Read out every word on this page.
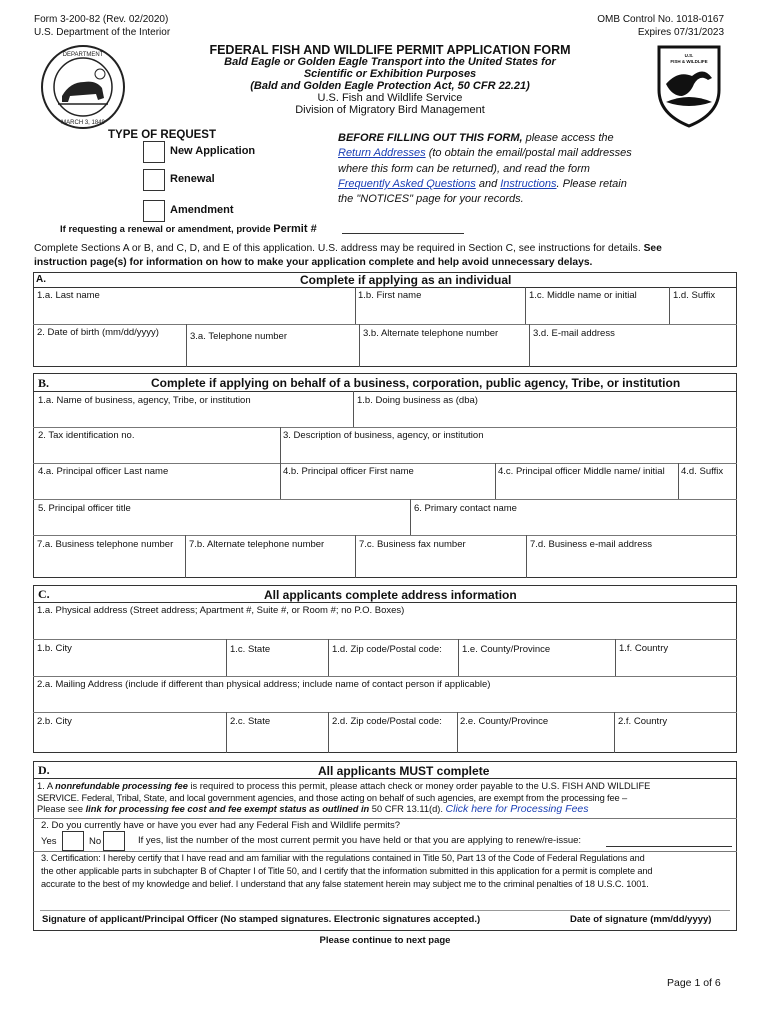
Form 3-200-82 (Rev. 02/2020)
U.S. Department of the Interior
OMB Control No. 1018-0167
Expires 07/31/2023
DEPARTMENT
MARCH 3, 1849
U.S.
FISH & WILDLIFE
FEDERAL FISH AND WILDLIFE PERMIT APPLICATION FORM
Bald Eagle or Golden Eagle Transport into the United States for
Scientific or Exhibition Purposes
(Bald and Golden Eagle Protection Act, 50 CFR 22.21)
U.S. Fish and Wildlife Service
Division of Migratory Bird Management
TYPE OF REQUEST
New Application
Renewal
Amendment
If requesting a renewal or amendment, provide Permit #
BEFORE FILLING OUT THIS FORM, please access the
Return Addresses (to obtain the email/postal mail addresses
where this form can be returned), and read the form
Frequently Asked Questions and Instructions. Please retain
the "NOTICES" page for your records.
Complete Sections A or B, and C, D, and E of this application. U.S. address may be required in Section C, see instructions for details. See
instruction page(s) for information on how to make your application complete and help avoid unnecessary delays.
A.	Complete if applying as an individual
1.a. Last name	1.b. First name	1.c. Middle name or initial	1.d. Suffix
2. Date of birth (mm/dd/yyyy)	3.a. Telephone number	3.b. Alternate telephone number	3.d. E-mail address
B.	Complete if applying on behalf of a business, corporation, public agency, Tribe, or institution
1.a. Name of business, agency, Tribe, or institution	1.b. Doing business as (dba)
2. Tax identification no.	3. Description of business, agency, or institution
4.a. Principal officer Last name	4.b. Principal officer First name	4.c. Principal officer Middle name/ initial 4.d. Suffix
5. Principal officer title	6. Primary contact name
7.a. Business telephone number 7.b. Alternate telephone number	7.c. Business fax number	7.d. Business e-mail address
C.	All applicants complete address information
1.a. Physical address (Street address; Apartment #, Suite #, or Room #; no P.O. Boxes)
1.b. City	1.c. State	1.d. Zip code/Postal code: 1.e. County/Province	1.f. Country
2.a. Mailing Address (include if different than physical address; include name of contact person if applicable)
2.b. City	2.c. State	2.d. Zip code/Postal code: 2.e. County/Province	2.f. Country
D.	All applicants MUST complete
1. A nonrefundable processing fee is required to process this permit, please attach check or money order payable to the U.S. FISH AND WILDLIFE
SERVICE. Federal, Tribal, State, and local government agencies, and those acting on behalf of such agencies, are exempt from the processing fee –
Please see link for processing fee cost and fee exempt status as outlined in 50 CFR 13.11(d). Click here for Processing Fees
2. Do you currently have or have you ever had any Federal Fish and Wildlife permits?
Yes	No	If yes, list the number of the most current permit you have held or that you are applying to renew/re-issue:
3. Certification: I hereby certify that I have read and am familiar with the regulations contained in Title 50, Part 13 of the Code of Federal Regulations and
the other applicable parts in subchapter B of Chapter I of Title 50, and I certify that the information submitted in this application for a permit is complete and
accurate to the best of my knowledge and belief. I understand that any false statement herein may subject me to the criminal penalties of 18 U.S.C. 1001.
Signature of applicant/Principal Officer (No stamped signatures. Electronic signatures accepted.)	Date of signature (mm/dd/yyyy)
Please continue to next page
Page 1 of 6
